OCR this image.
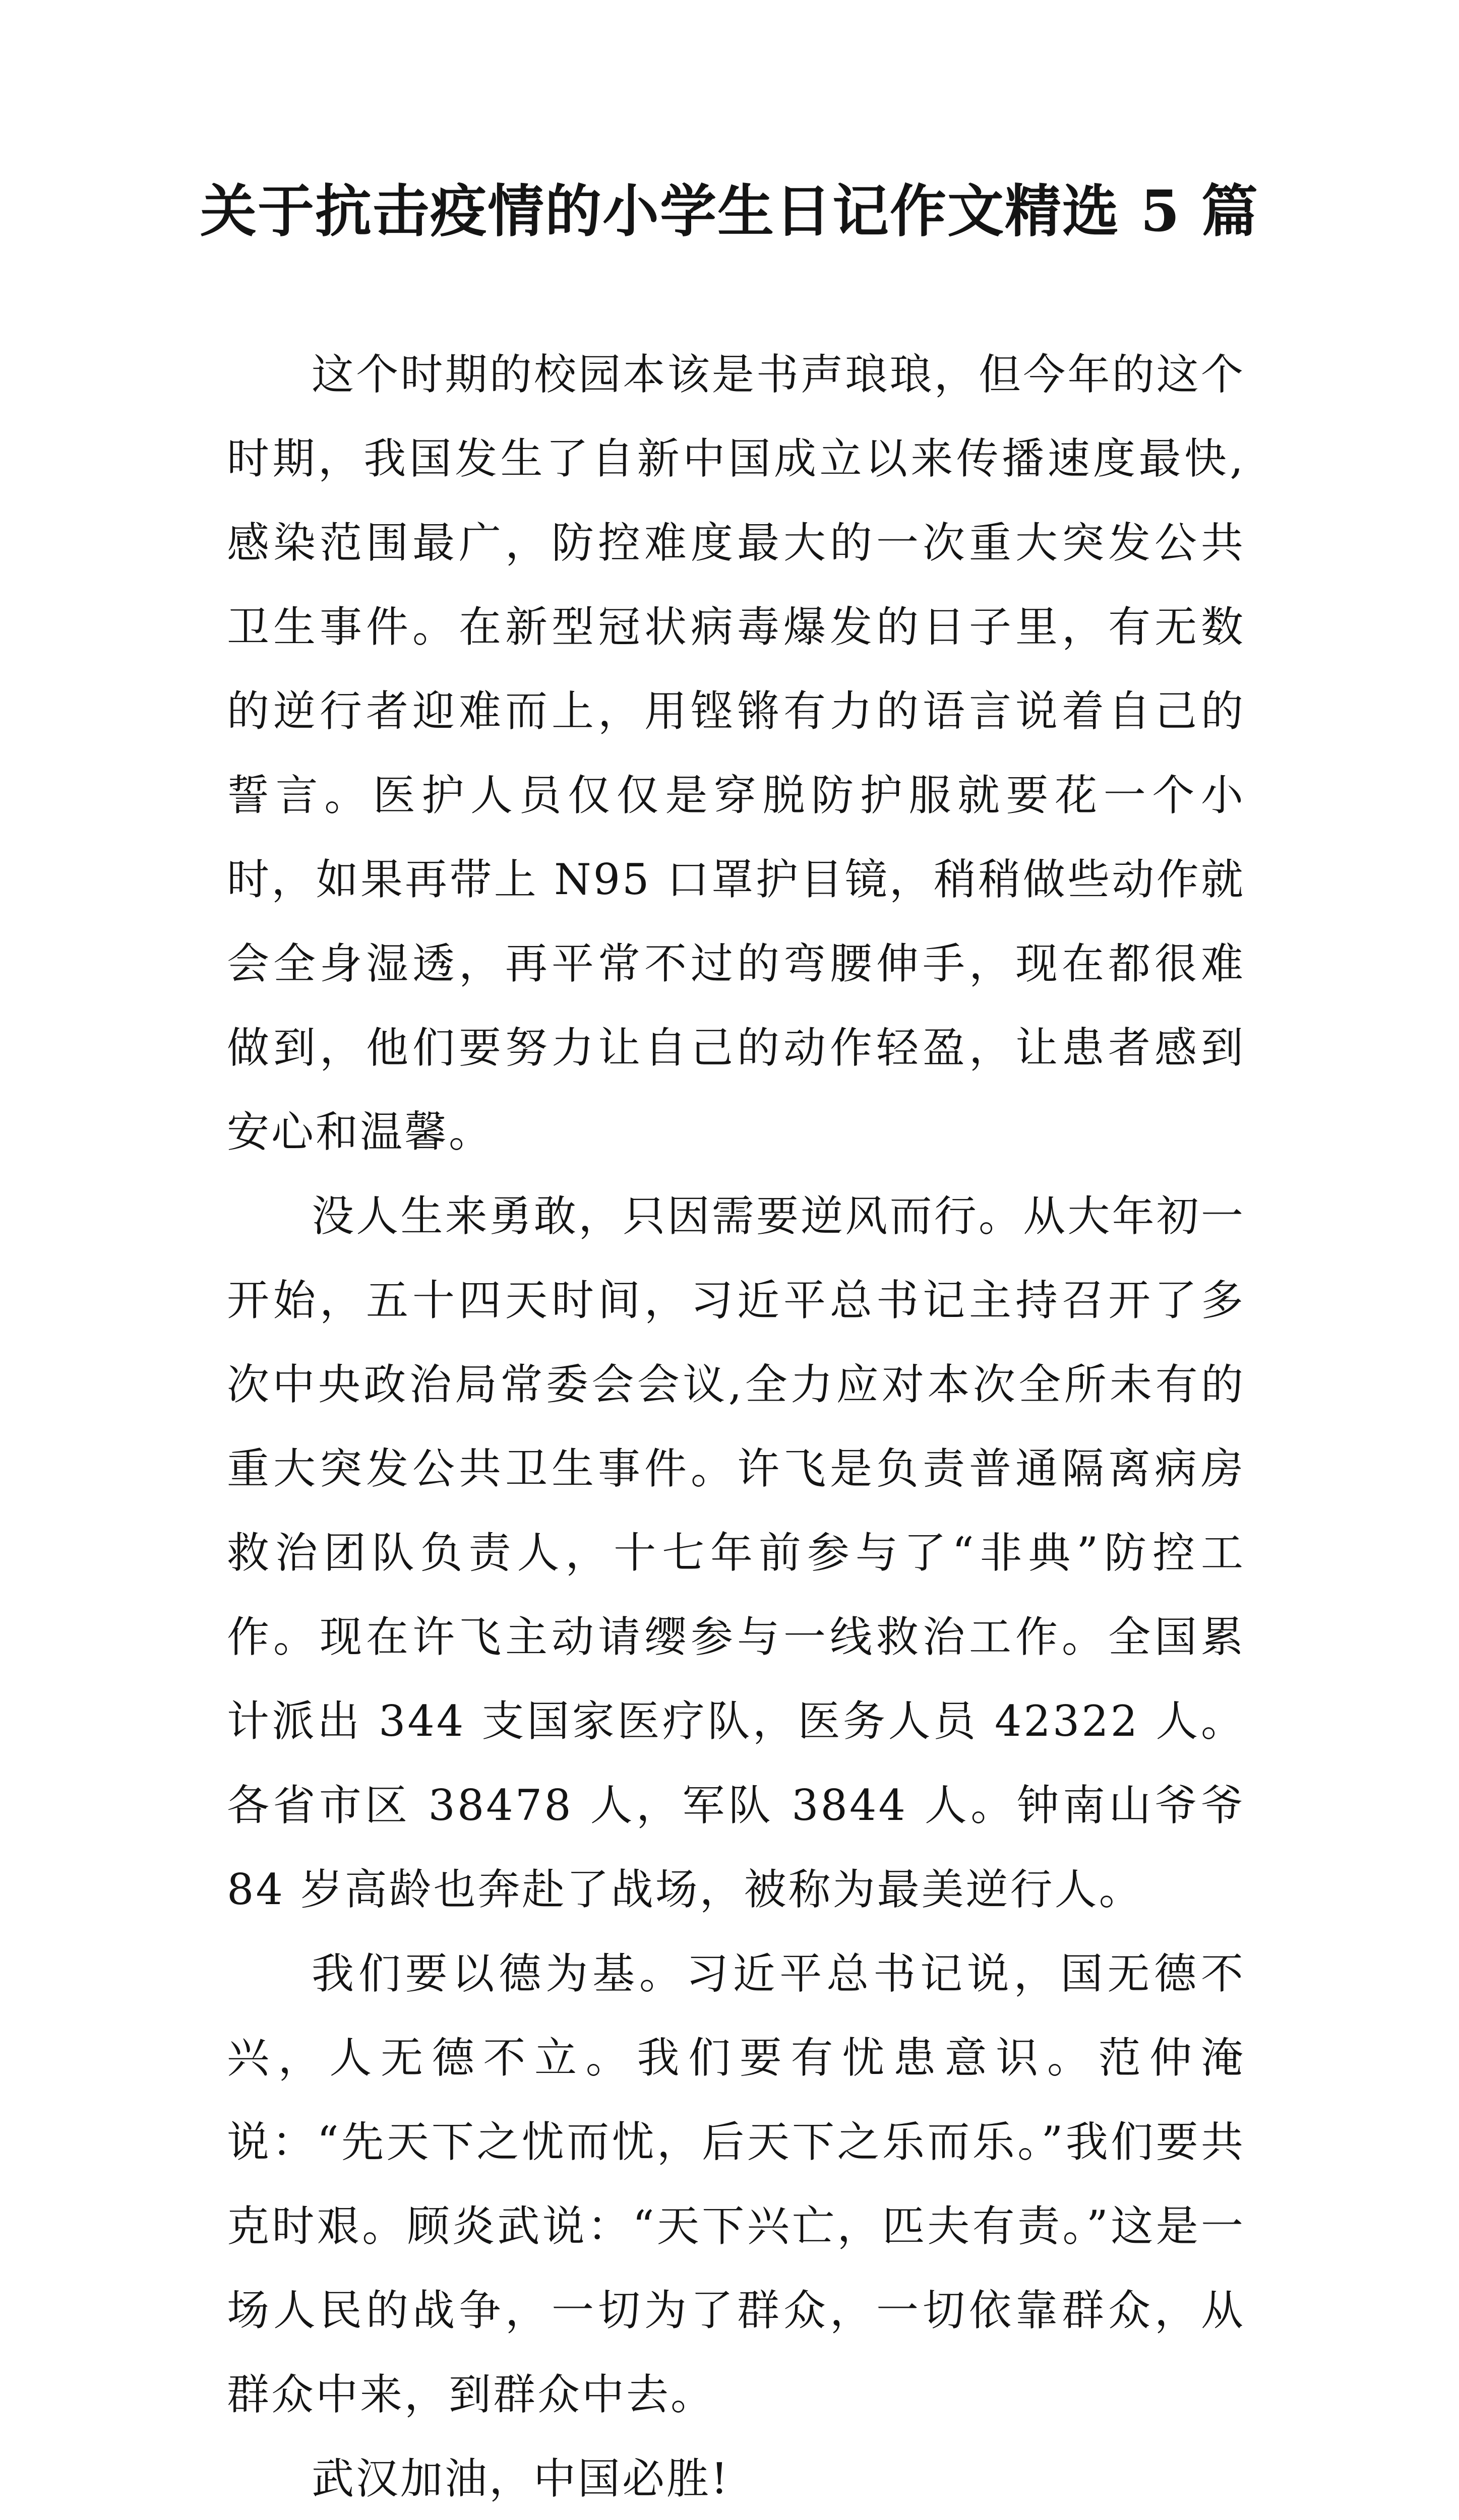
关于抗击疫情的小学生日记作文精选 5 篇

这个时期的校园本该是书声琅琅，但今年的这个时期，我国发生了自新中国成立以来传播速度最快,感染范围最广，防控难度最大的一次重大突发公共卫生事件。在新型冠状病毒爆发的日子里，有无数的逆行者迎难而上，用铿锵有力的语言说着自己的誓言。医护人员仅仅是穿脱防护服就要花一个小时，如果再带上 N95 口罩护目镜，稍稍做些动作就会全身湿透，再平常不过的弯腰伸手，现在都很难做到，他们要努力让自己的动作轻盈，让患者感到安心和温馨。

没人生来勇敢，只因需要逆风而行。从大年初一开始，五十四天时间，习近平总书记主持召开了多次中央政治局常委会会议,全力应对本次全所未有的重大突发公共卫生事件。许飞是负责普通隔离病房救治团队负责人，十七年前参与了“非典”防控工作。现在许飞主动请缨参与一线救治工作。全国累计派出 344 支国家医疗队，医务人员 42322 人。各省市区 38478 人，军队 3844 人。钟南山爷爷 84 岁高龄也奔赴了战场，被称为最美逆行人。

我们要以德为基。习近平总书记说，国无德不兴，人无德不立。我们要有忧患意识。范仲淹说：“先天下之忧而忧，后天下之乐而乐。”我们要共克时艰。顾炎武说：“天下兴亡，匹夫有责。”这是一场人民的战争，一切为了群众，一切依靠群众，从群众中来，到群众中去。

武汉加油，中国必胜!
